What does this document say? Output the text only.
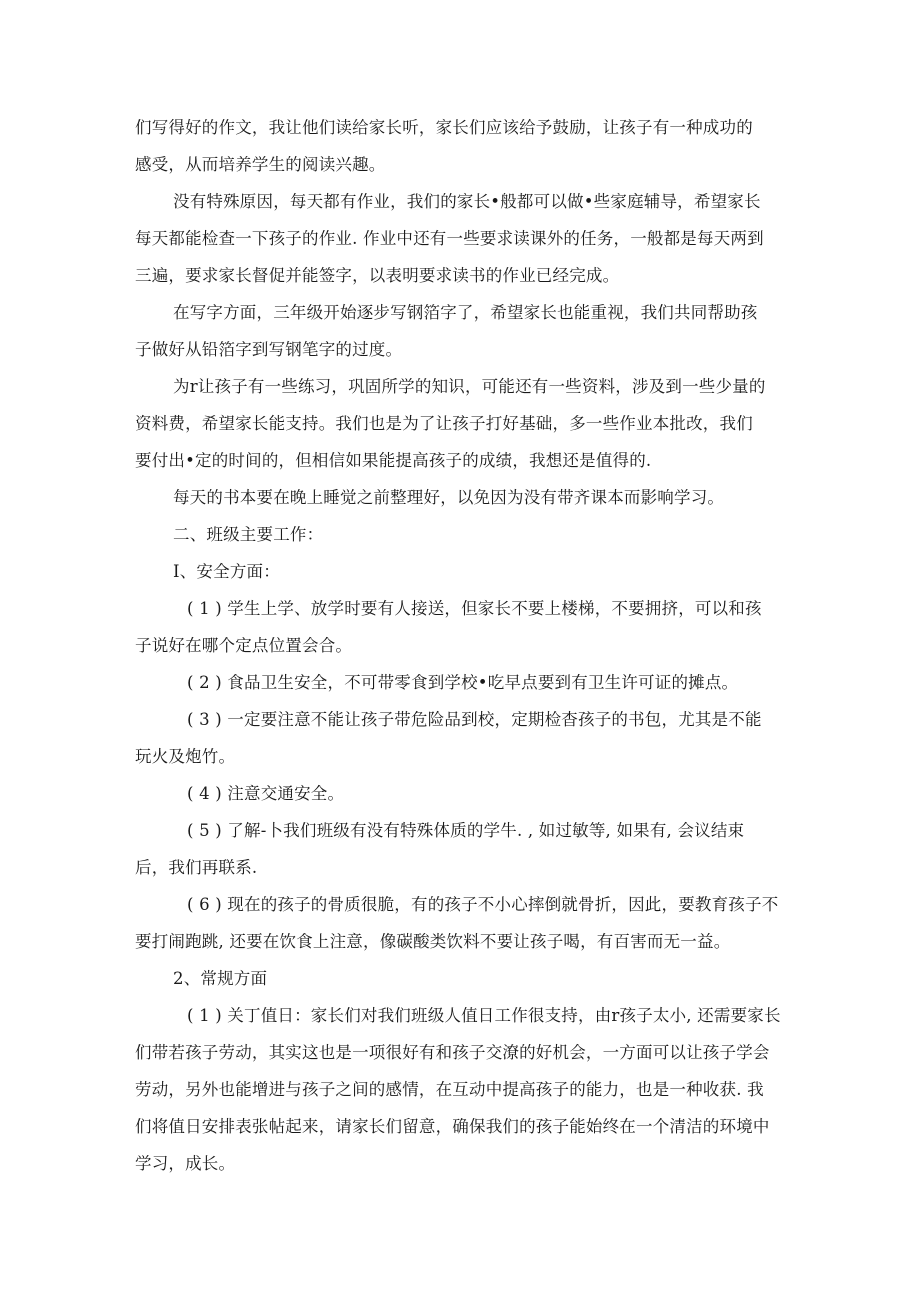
们写得好的作文，我让他们读给家长听，家长们应该给予鼓励，让孩子有一种成功的
感受，从而培养学生的阅读兴趣。
没有特殊原因，每天都有作业，我们的家长•般都可以做•些家庭辅导，希望家长
每天都能检查一下孩子的作业. 作业中还有一些要求读课外的任务，一般都是每天两到
三遍，要求家长督促并能签字，以表明要求读书的作业已经完成。
在写字方面，三年级开始逐步写钢箔字了，希望家长也能重视，我们共同帮助孩
子做好从铅箔字到写钢笔字的过度。
为r让孩子有一些练习，巩固所学的知识，可能还有一些资料，涉及到一些少量的
资料费，希望家长能支持。我们也是为了让孩子打好基础，多一些作业本批改，我们
要付出•定的时间的，但相信如果能提高孩子的成绩，我想还是值得的.
每天的书本要在晚上睡觉之前整理好，以免因为没有带齐课本而影响学习。
二、班级主要工作：
I、安全方面：
( 1 ) 学生上学、放学时要有人接送，但家长不要上楼梯，不要拥挤，可以和孩
子说好在哪个定点位置会合。
( 2 ) 食品卫生安全，不可带零食到学校•吃早点要到有卫生许可证的摊点。
( 3 ) 一定要注意不能让孩子带危险品到校，定期检杳孩子的书包，尤其是不能
玩火及炮竹。
( 4 ) 注意交通安全。
( 5 ) 了解-卜我们班级有没有特殊体质的学牛. , 如过敏等, 如果有, 会议结束
后，我们再联系.
( 6 ) 现在的孩子的骨质很脆，有的孩子不小心摔倒就骨折，因此，要教育孩子不
要打闹跑跳, 还要在饮食上注意，像碳酸类饮料不要让孩子喝，有百害而无一益。
2、常规方面
( 1 ) 关丁值日：家长们对我们班级人值日工作很支持，由r孩子太小, 还需要家长
们带若孩子劳动，其实这也是一项很好有和孩子交潦的好机会，一方面可以让孩子学会
劳动，另外也能增进与孩子之间的感情，在互动中提高孩子的能力，也是一种收获. 我
们将值日安排表张帖起来，请家长们留意，确保我们的孩子能始终在一个清洁的环境中
学习，成长。
